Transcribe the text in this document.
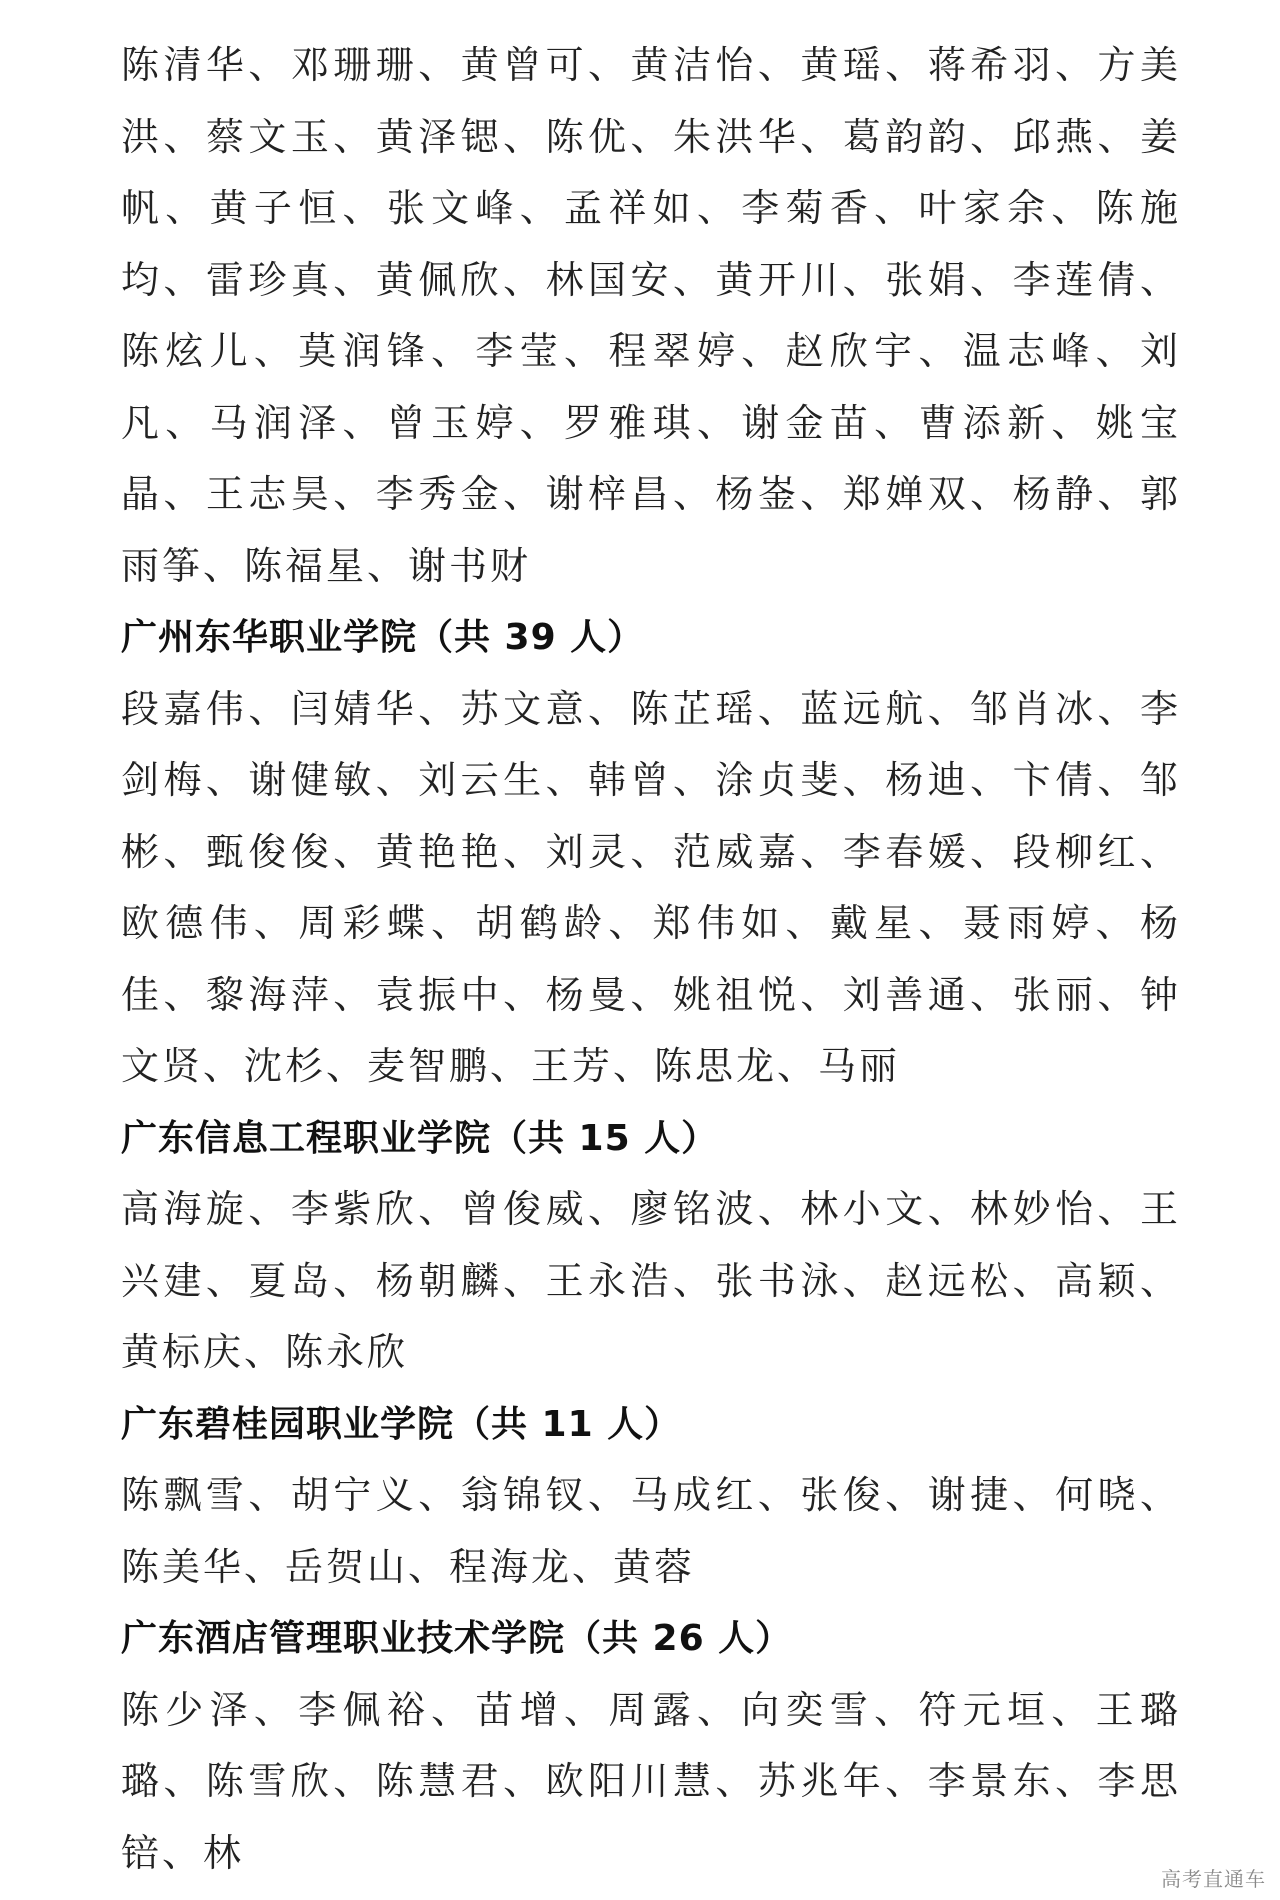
陈清华、邓珊珊、黄曾可、黄洁怡、黄瑶、蒋希羽、方美洪、蔡文玉、黄泽锶、陈优、朱洪华、葛韵韵、邱燕、姜帆、黄子恒、张文峰、孟祥如、李菊香、叶家余、陈施均、雷珍真、黄佩欣、林国安、黄开川、张娟、李莲倩、陈炫儿、莫润锋、李莹、程翠婷、赵欣宇、温志峰、刘凡、马润泽、曾玉婷、罗雅琪、谢金苗、曹添新、姚宝晶、王志昊、李秀金、谢梓昌、杨崟、郑婵双、杨静、郭雨筝、陈福星、谢书财

广州东华职业学院（共 39 人）

段嘉伟、闫婧华、苏文意、陈芷瑶、蓝远航、邹肖冰、李剑梅、谢健敏、刘云生、韩曾、涂贞斐、杨迪、卞倩、邹彬、甄俊俊、黄艳艳、刘灵、范威嘉、李春媛、段柳红、欧德伟、周彩蝶、胡鹤龄、郑伟如、戴星、聂雨婷、杨佳、黎海萍、袁振中、杨曼、姚祖悦、刘善通、张丽、钟文贤、沈杉、麦智鹏、王芳、陈思龙、马丽

广东信息工程职业学院（共 15 人）

高海旋、李紫欣、曾俊威、廖铭波、林小文、林妙怡、王兴建、夏岛、杨朝麟、王永浩、张书泳、赵远松、高颖、黄标庆、陈永欣

广东碧桂园职业学院（共 11 人）

陈飘雪、胡宁义、翁锦钗、马成红、张俊、谢捷、何晓、陈美华、岳贺山、程海龙、黄蓉

广东酒店管理职业技术学院（共 26 人）

陈少泽、李佩裕、苗增、周露、向奕雪、符元垣、王璐璐、陈雪欣、陈慧君、欧阳川慧、苏兆年、李景东、李思锫、林

高考直通车
